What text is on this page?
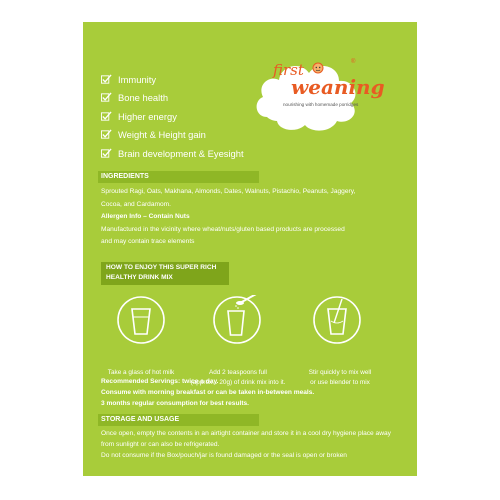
Immunity
Bone health
Higher energy
Weight & Height gain
Brain development & Eyesight
first	®
weaning
nourishing with homemade porridges
INGREDIENTS
Sprouted Ragi, Oats, Makhana, Almonds, Dates, Walnuts, Pistachio, Peanuts, Jaggery,
Cocoa, and Cardamom.
Allergen Info – Contain Nuts
Manufactured in the vicinity where wheat/nuts/gluten based products are processed
and may contain trace elements
HOW TO ENJOY THIS SUPER RICH
HEALTHY DRINK MIX
Take a glass of hot milk	Add 2 teaspoons full
(approx... 20g) of drink mix into it.
Stir quickly to mix well
or use blender to mix
Recommended Servings: twice a day.
Consume with morning breakfast or can be taken in-between meals.
3 months regular consumption for best results.
STORAGE AND USAGE
Once open, empty the contents in an airtight container and store it in a cool dry hygiene place away
from sunlight or can also be refrigerated.
Do not consume if the Box/pouch/jar is found damaged or the seal is open or broken
